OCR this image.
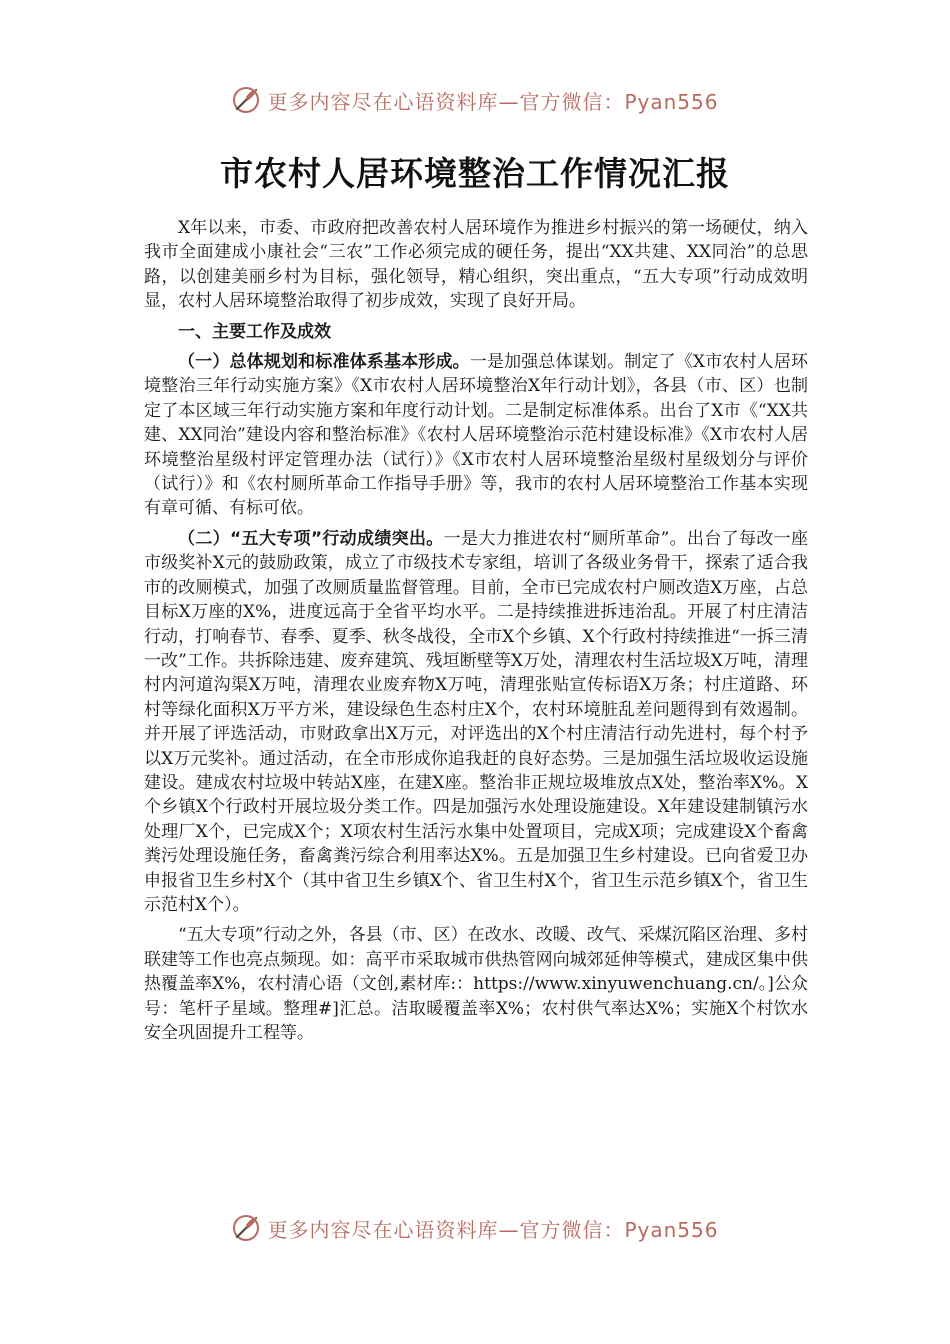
更多内容尽在心语资料库—官方微信：Pyan556
市农村人居环境整治工作情况汇报

X年以来，市委、市政府把改善农村人居环境作为推进乡村振兴的第一场硬仗，纳入我市全面建成小康社会“三农”工作必须完成的硬任务，提出“XX共建、XX同治”的总思路，以创建美丽乡村为目标，强化领导，精心组织，突出重点，“五大专项”行动成效明显，农村人居环境整治取得了初步成效，实现了良好开局。

一、主要工作及成效

（一）总体规划和标准体系基本形成。一是加强总体谋划。制定了《X市农村人居环境整治三年行动实施方案》《X市农村人居环境整治X年行动计划》，各县（市、区）也制定了本区域三年行动实施方案和年度行动计划。二是制定标准体系。出台了X市《“XX共建、XX同治”建设内容和整治标准》《农村人居环境整治示范村建设标准》《X市农村人居环境整治星级村评定管理办法（试行）》《X市农村人居环境整治星级村星级划分与评价（试行）》和《农村厕所革命工作指导手册》等，我市的农村人居环境整治工作基本实现有章可循、有标可依。

（二）“五大专项”行动成绩突出。一是大力推进农村“厕所革命”。出台了每改一座市级奖补X元的鼓励政策，成立了市级技术专家组，培训了各级业务骨干，探索了适合我市的改厕模式，加强了改厕质量监督管理。目前，全市已完成农村户厕改造X万座，占总目标X万座的X%，进度远高于全省平均水平。二是持续推进拆违治乱。开展了村庄清洁行动，打响春节、春季、夏季、秋冬战役，全市X个乡镇、X个行政村持续推进“一拆三清一改”工作。共拆除违建、废弃建筑、残垣断壁等X万处，清理农村生活垃圾X万吨，清理村内河道沟渠X万吨，清理农业废弃物X万吨，清理张贴宣传标语X万条；村庄道路、环村等绿化面积X万平方米，建设绿色生态村庄X个，农村环境脏乱差问题得到有效遏制。并开展了评选活动，市财政拿出X万元，对评选出的X个村庄清洁行动先进村，每个村予以X万元奖补。通过活动，在全市形成你追我赶的良好态势。三是加强生活垃圾收运设施建设。建成农村垃圾中转站X座，在建X座。整治非正规垃圾堆放点X处，整治率X%。X个乡镇X个行政村开展垃圾分类工作。四是加强污水处理设施建设。X年建设建制镇污水处理厂X个，已完成X个；X项农村生活污水集中处置项目，完成X项；完成建设X个畜禽粪污处理设施任务，畜禽粪污综合利用率达X%。五是加强卫生乡村建设。已向省爱卫办申报省卫生乡村X个（其中省卫生乡镇X个、省卫生村X个，省卫生示范乡镇X个，省卫生示范村X个）。

“五大专项”行动之外，各县（市、区）在改水、改暖、改气、采煤沉陷区治理、多村联建等工作也亮点频现。如：高平市采取城市供热管网向城郊延伸等模式，建成区集中供热覆盖率X%，农村清心语（文创,素材库:：https://www.xinyuwenchuang.cn/。]公众号：笔杆子星域。整理#]汇总。洁取暖覆盖率X%；农村供气率达X%；实施X个村饮水安全巩固提升工程等。

更多内容尽在心语资料库—官方微信：Pyan556
